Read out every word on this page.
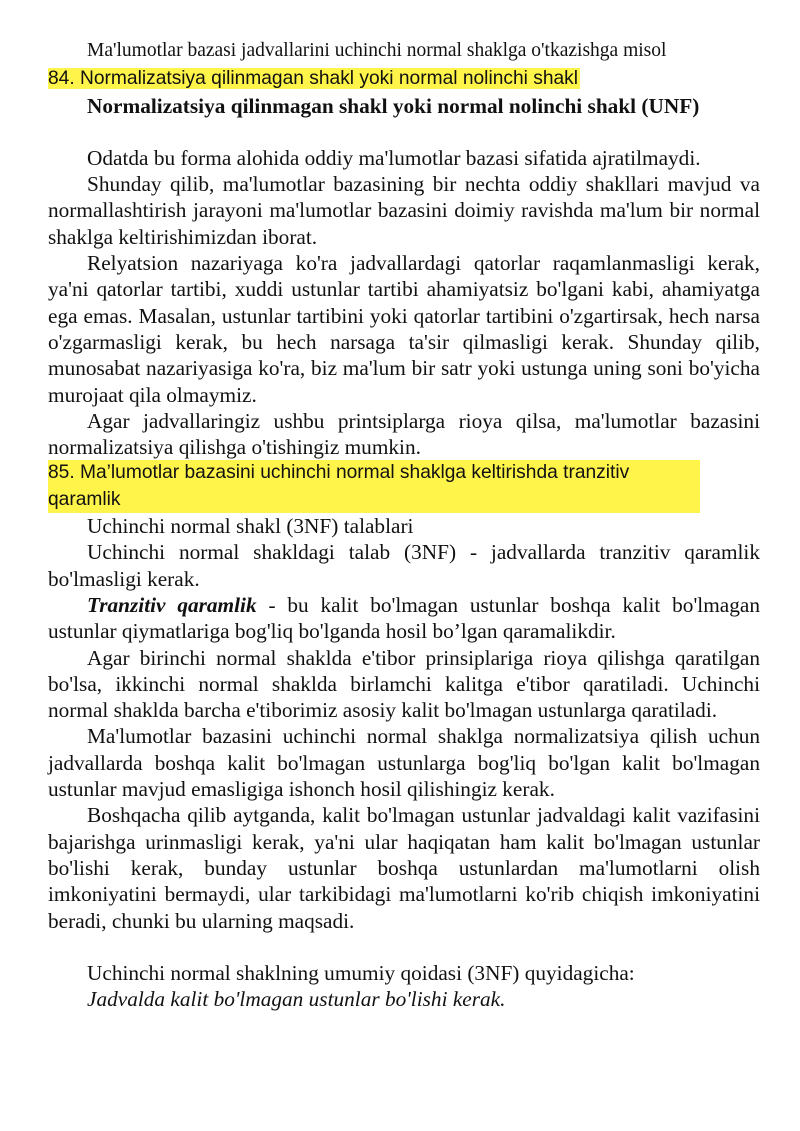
Ma'lumotlar bazasi jadvallarini uchinchi normal shaklga o'tkazishga misol

84. Normalizatsiya qilinmagan shakl yoki normal nolinchi shakl

Normalizatsiya qilinmagan shakl yoki normal nolinchi shakl (UNF)

Odatda bu forma alohida oddiy ma'lumotlar bazasi sifatida ajratilmaydi.

Shunday qilib, ma'lumotlar bazasining bir nechta oddiy shakllari mavjud va normallashtirish jarayoni ma'lumotlar bazasini doimiy ravishda ma'lum bir normal shaklga keltirishimizdan iborat.

Relyatsion nazariyaga ko'ra jadvallardagi qatorlar raqamlanmasligi kerak, ya'ni qatorlar tartibi, xuddi ustunlar tartibi ahamiyatsiz bo'lgani kabi, ahamiyatga ega emas. Masalan, ustunlar tartibini yoki qatorlar tartibini o'zgartirsak, hech narsa o'zgarmasligi kerak, bu hech narsaga ta'sir qilmasligi kerak. Shunday qilib, munosabat nazariyasiga ko'ra, biz ma'lum bir satr yoki ustunga uning soni bo'yicha murojaat qila olmaymiz.

Agar jadvallaringiz ushbu printsiplarga rioya qilsa, ma'lumotlar bazasini normalizatsiya qilishga o'tishingiz mumkin.

85. Ma’lumotlar bazasini uchinchi normal shaklga keltirishda tranzitiv qaramlik

Uchinchi normal shakl (3NF) talablari

Uchinchi normal shakldagi talab (3NF) - jadvallarda tranzitiv qaramlik bo'lmasligi kerak.

Tranzitiv qaramlik - bu kalit bo'lmagan ustunlar boshqa kalit bo'lmagan ustunlar qiymatlariga bog'liq bo'lganda hosil bo’lgan qaramalikdir.

Agar birinchi normal shaklda e'tibor prinsiplariga rioya qilishga qaratilgan bo'lsa, ikkinchi normal shaklda birlamchi kalitga e'tibor qaratiladi. Uchinchi normal shaklda barcha e'tiborimiz asosiy kalit bo'lmagan ustunlarga qaratiladi.

Ma'lumotlar bazasini uchinchi normal shaklga normalizatsiya qilish uchun jadvallarda boshqa kalit bo'lmagan ustunlarga bog'liq bo'lgan kalit bo'lmagan ustunlar mavjud emasligiga ishonch hosil qilishingiz kerak.

Boshqacha qilib aytganda, kalit bo'lmagan ustunlar jadvaldagi kalit vazifasini bajarishga urinmasligi kerak, ya'ni ular haqiqatan ham kalit bo'lmagan ustunlar bo'lishi kerak, bunday ustunlar boshqa ustunlardan ma'lumotlarni olish imkoniyatini bermaydi, ular tarkibidagi ma'lumotlarni ko'rib chiqish imkoniyatini beradi, chunki bu ularning maqsadi.

Uchinchi normal shaklning umumiy qoidasi (3NF) quyidagicha:

Jadvalda kalit bo'lmagan ustunlar bo'lishi kerak.
